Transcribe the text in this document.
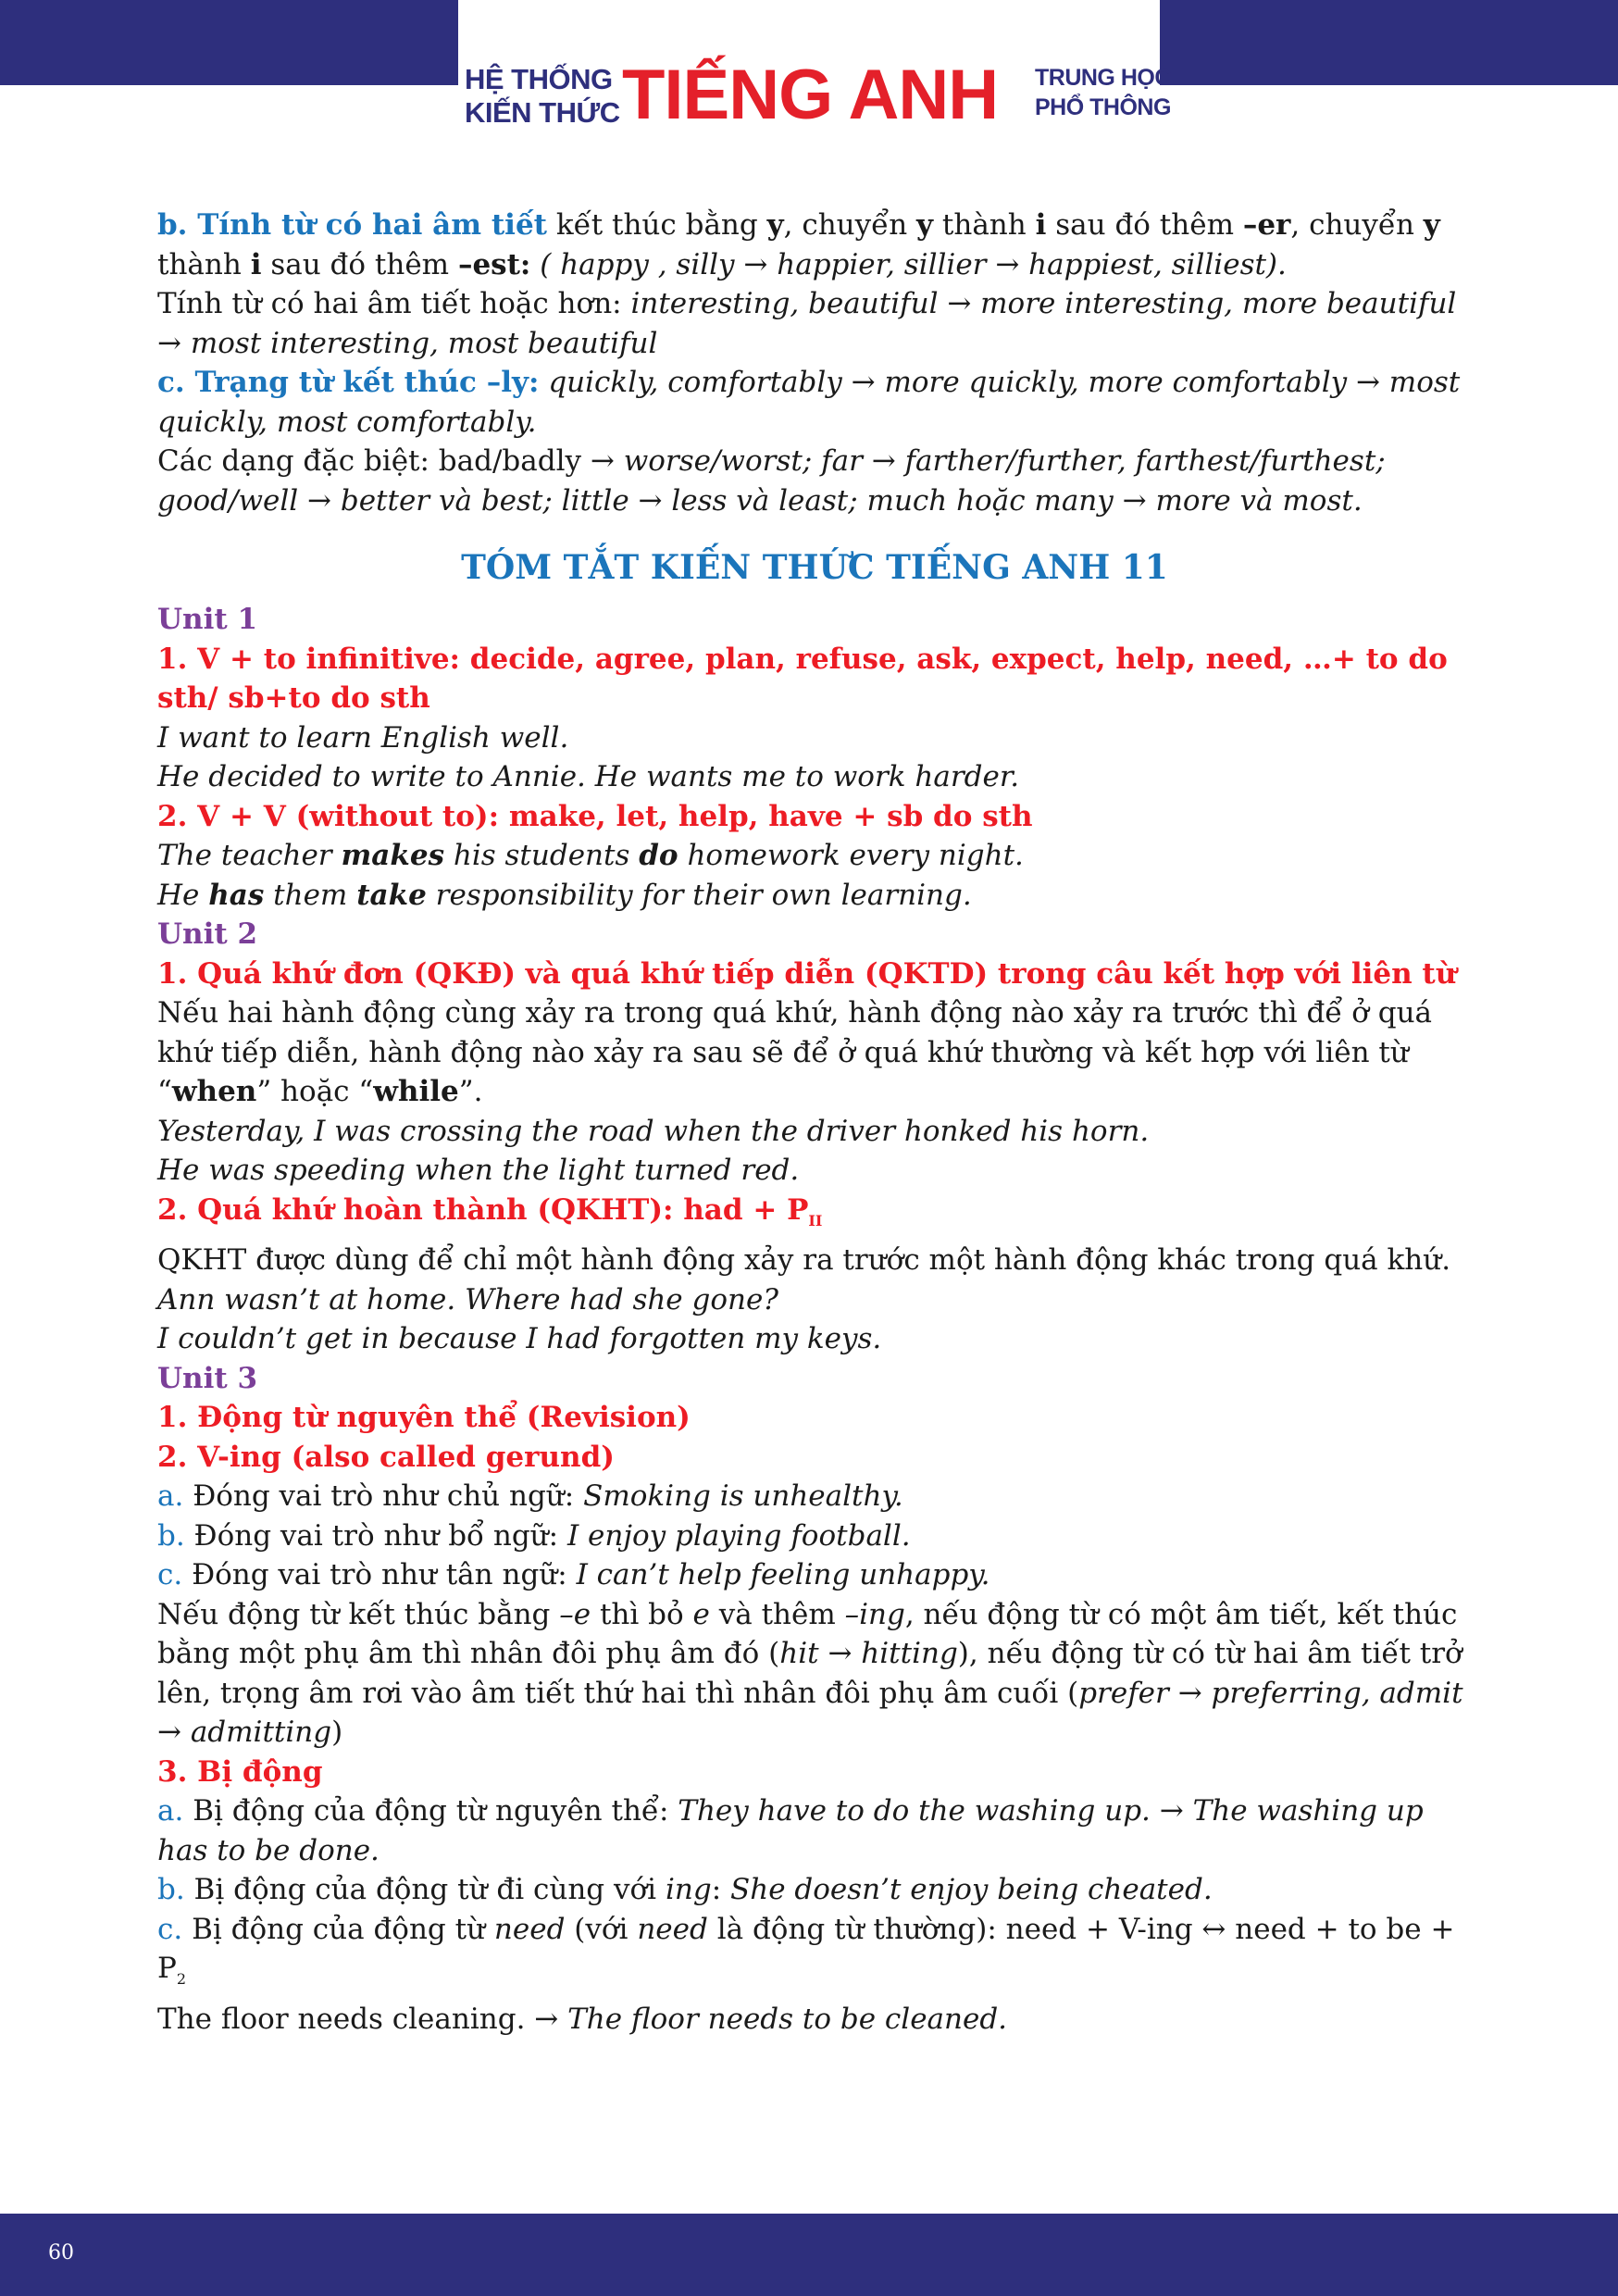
HỆ THỐNG
KIẾN THỨC TIẾNG ANH TRUNG HỌC
PHỔ THÔNG

b. Tính từ có hai âm tiết kết thúc bằng y, chuyển y thành i sau đó thêm –er, chuyển y thành i sau đó thêm –est: ( happy , silly → happier, sillier → happiest, silliest).

Tính từ có hai âm tiết hoặc hơn: interesting, beautiful → more interesting, more beautiful → most interesting, most beautiful

c. Trạng từ kết thúc –ly: quickly, comfortably → more quickly, more comfortably → most quickly, most comfortably.

Các dạng đặc biệt: bad/badly → worse/worst; far → farther/further, farthest/furthest; good/well → better và best; little → less và least; much hoặc many → more và most.

TÓM TẮT KIẾN THỨC TIẾNG ANH 11

Unit 1

1. V + to infinitive: decide, agree, plan, refuse, ask, expect, help, need, …+ to do sth/ sb+to do sth

I want to learn English well.

He decided to write to Annie. He wants me to work harder.

2. V + V (without to): make, let, help, have + sb do sth

The teacher makes his students do homework every night.

He has them take responsibility for their own learning.

Unit 2

1. Quá khứ đơn (QKĐ) và quá khứ tiếp diễn (QKTD) trong câu kết hợp với liên từ

Nếu hai hành động cùng xảy ra trong quá khứ, hành động nào xảy ra trước thì để ở quá khứ tiếp diễn, hành động nào xảy ra sau sẽ để ở quá khứ thường và kết hợp với liên từ “when” hoặc “while”.

Yesterday, I was crossing the road when the driver honked his horn.

He was speeding when the light turned red.

2. Quá khứ hoàn thành (QKHT): had + $P_{II}$

QKHT được dùng để chỉ một hành động xảy ra trước một hành động khác trong quá khứ.

Ann wasn’t at home. Where had she gone?

I couldn’t get in because I had forgotten my keys.

Unit 3

1. Động từ nguyên thể (Revision)

2. V-ing (also called gerund)

a. Đóng vai trò như chủ ngữ: Smoking is unhealthy.

b. Đóng vai trò như bổ ngữ: I enjoy playing football.

c. Đóng vai trò như tân ngữ: I can’t help feeling unhappy.

Nếu động từ kết thúc bằng –e thì bỏ e và thêm –ing, nếu động từ có một âm tiết, kết thúc bằng một phụ âm thì nhân đôi phụ âm đó (hit → hitting), nếu động từ có từ hai âm tiết trở lên, trọng âm rơi vào âm tiết thứ hai thì nhân đôi phụ âm cuối (prefer → preferring, admit → admitting)

3. Bị động

a. Bị động của động từ nguyên thể: They have to do the washing up. → The washing up has to be done.

b. Bị động của động từ đi cùng với ing: She doesn’t enjoy being cheated.

c. Bị động của động từ need (với need là động từ thường): need + V-ing ↔ need + to be + $P_2$

The floor needs cleaning. → The floor needs to be cleaned.

60
